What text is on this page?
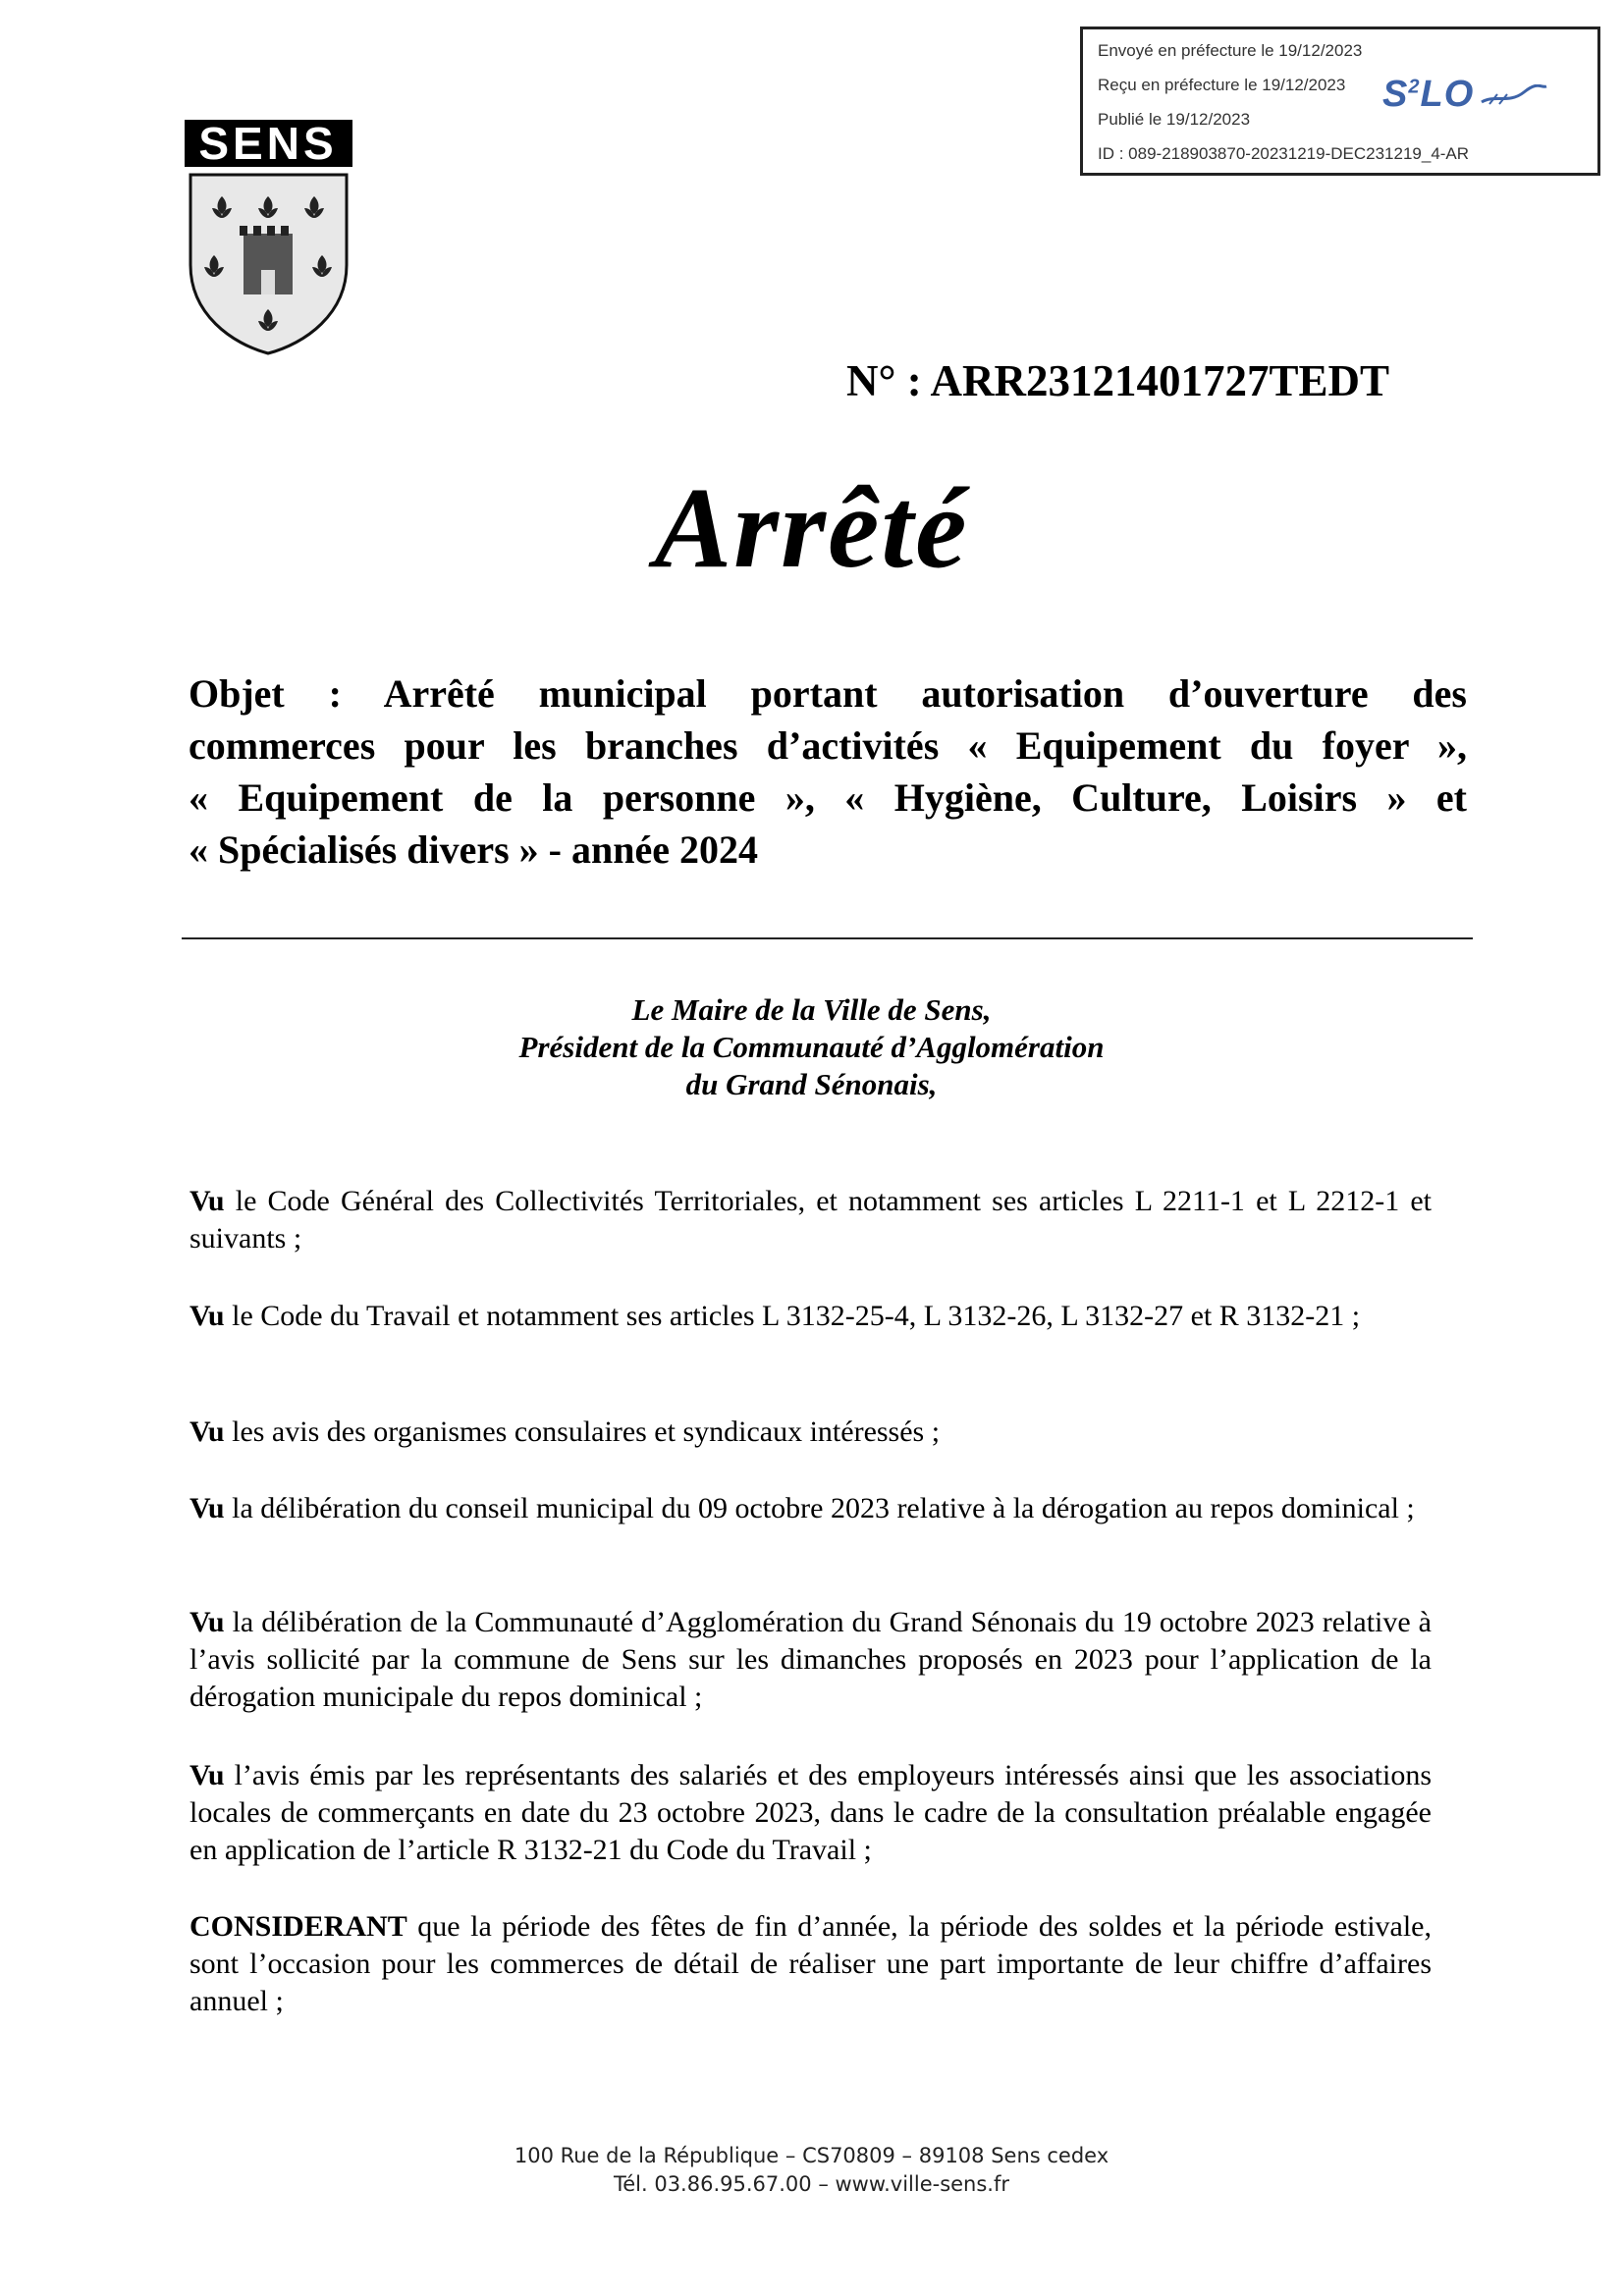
Envoyé en préfecture le 19/12/2023
Reçu en préfecture le 19/12/2023
Publié le 19/12/2023
ID : 089-218903870-20231219-DEC231219_4-AR
$S^2LO$
SENS
N° : ARR23121401727TEDT
Arrêté
Objet : Arrêté municipal portant autorisation d’ouverture des
commerces pour les branches d’activités « Equipement du foyer »,
« Equipement de la personne », « Hygiène, Culture, Loisirs » et
« Spécialisés divers » - année 2024
Le Maire de la Ville de Sens,
Président de la Communauté d’Agglomération
du Grand Sénonais,
Vu le Code Général des Collectivités Territoriales, et notamment ses articles L 2211-1 et L 2212-1 et suivants ;
Vu le Code du Travail et notamment ses articles L 3132-25-4, L 3132-26, L 3132-27 et R 3132-21 ;
Vu les avis des organismes consulaires et syndicaux intéressés ;
Vu la délibération du conseil municipal du 09 octobre 2023 relative à la dérogation au repos dominical ;
Vu la délibération de la Communauté d’Agglomération du Grand Sénonais du 19 octobre 2023 relative à l’avis sollicité par la commune de Sens sur les dimanches proposés en 2023 pour l’application de la dérogation municipale du repos dominical ;
Vu l’avis émis par les représentants des salariés et des employeurs intéressés ainsi que les associations locales de commerçants en date du 23 octobre 2023, dans le cadre de la consultation préalable engagée en application de l’article R 3132-21 du Code du Travail ;
CONSIDERANT que la période des fêtes de fin d’année, la période des soldes et la période estivale, sont l’occasion pour les commerces de détail de réaliser une part importante de leur chiffre d’affaires annuel ;
100 Rue de la République – CS70809 – 89108 Sens cedex
Tél. 03.86.95.67.00 – www.ville-sens.fr
